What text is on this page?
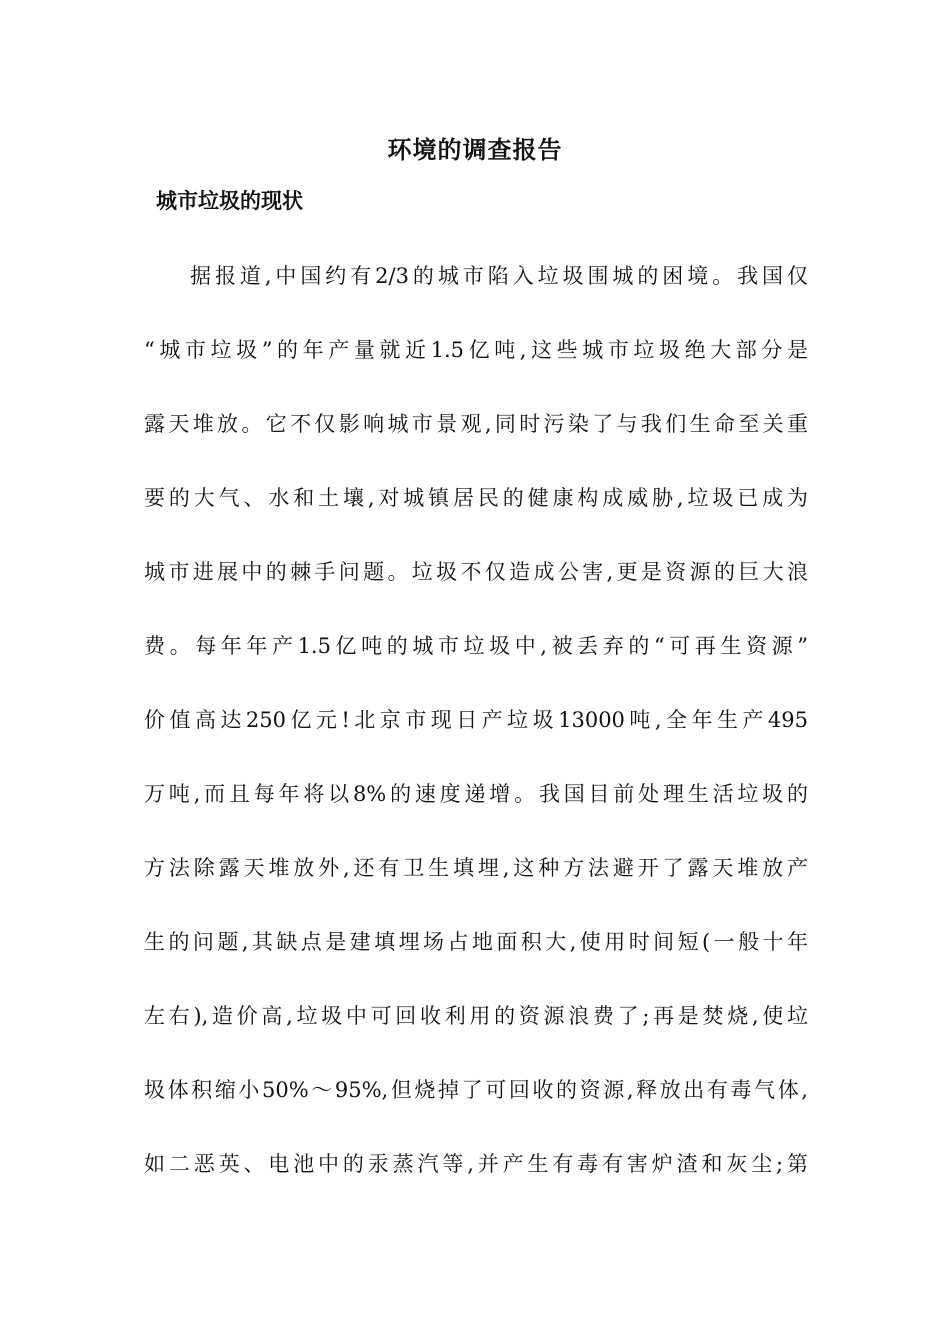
环境的调查报告
城市垃圾的现状
据报道,中国约有2/3的城市陷入垃圾围城的困境。我国仅
“城市垃圾”的年产量就近1.5亿吨,这些城市垃圾绝大部分是
露天堆放。它不仅影响城市景观,同时污染了与我们生命至关重
要的大气、水和土壤,对城镇居民的健康构成威胁,垃圾已成为
城市进展中的棘手问题。垃圾不仅造成公害,更是资源的巨大浪
费。每年年产1.5亿吨的城市垃圾中,被丢弃的“可再生资源”
价值高达250亿元!北京市现日产垃圾13000吨,全年生产495
万吨,而且每年将以8%的速度递增。我国目前处理生活垃圾的
方法除露天堆放外,还有卫生填埋,这种方法避开了露天堆放产
生的问题,其缺点是建填埋场占地面积大,使用时间短(一般十年
左右),造价高,垃圾中可回收利用的资源浪费了;再是焚烧,使垃
圾体积缩小50%～95%,但烧掉了可回收的资源,释放出有毒气体,
如二恶英、电池中的汞蒸汽等,并产生有毒有害炉渣和灰尘;第
